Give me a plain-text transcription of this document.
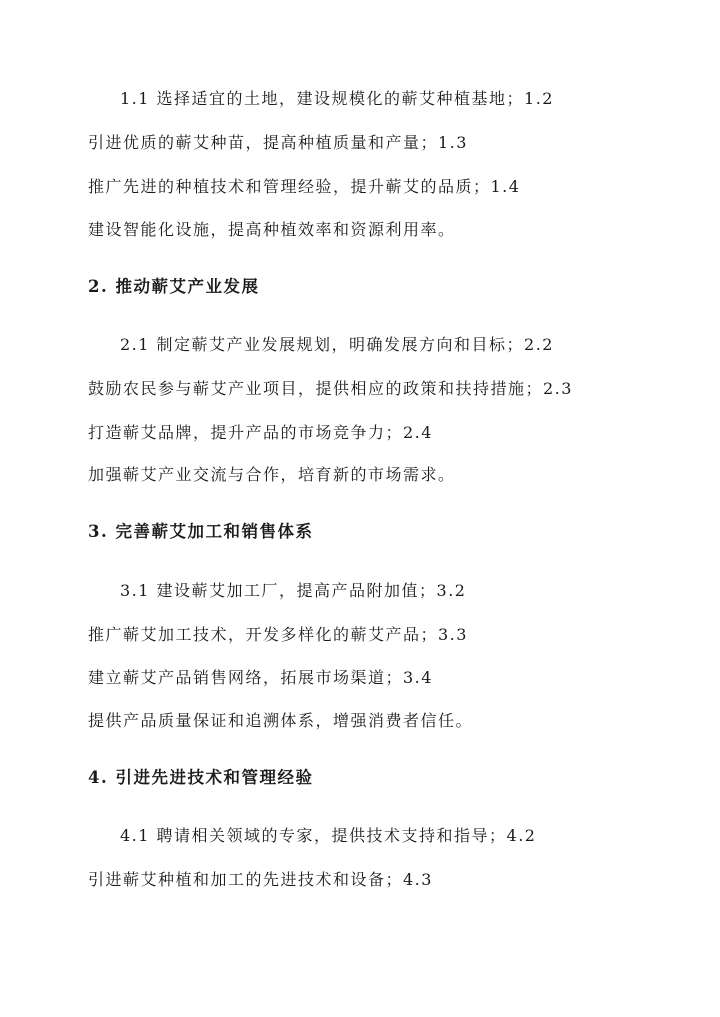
1.1 选择适宜的土地，建设规模化的蕲艾种植基地；1.2
引进优质的蕲艾种苗，提高种植质量和产量；1.3
推广先进的种植技术和管理经验，提升蕲艾的品质；1.4
建设智能化设施，提高种植效率和资源利用率。
2. 推动蕲艾产业发展
2.1 制定蕲艾产业发展规划，明确发展方向和目标；2.2
鼓励农民参与蕲艾产业项目，提供相应的政策和扶持措施；2.3
打造蕲艾品牌，提升产品的市场竞争力；2.4
加强蕲艾产业交流与合作，培育新的市场需求。
3. 完善蕲艾加工和销售体系
3.1 建设蕲艾加工厂，提高产品附加值；3.2
推广蕲艾加工技术，开发多样化的蕲艾产品；3.3
建立蕲艾产品销售网络，拓展市场渠道；3.4
提供产品质量保证和追溯体系，增强消费者信任。
4. 引进先进技术和管理经验
4.1 聘请相关领域的专家，提供技术支持和指导；4.2
引进蕲艾种植和加工的先进技术和设备；4.3
